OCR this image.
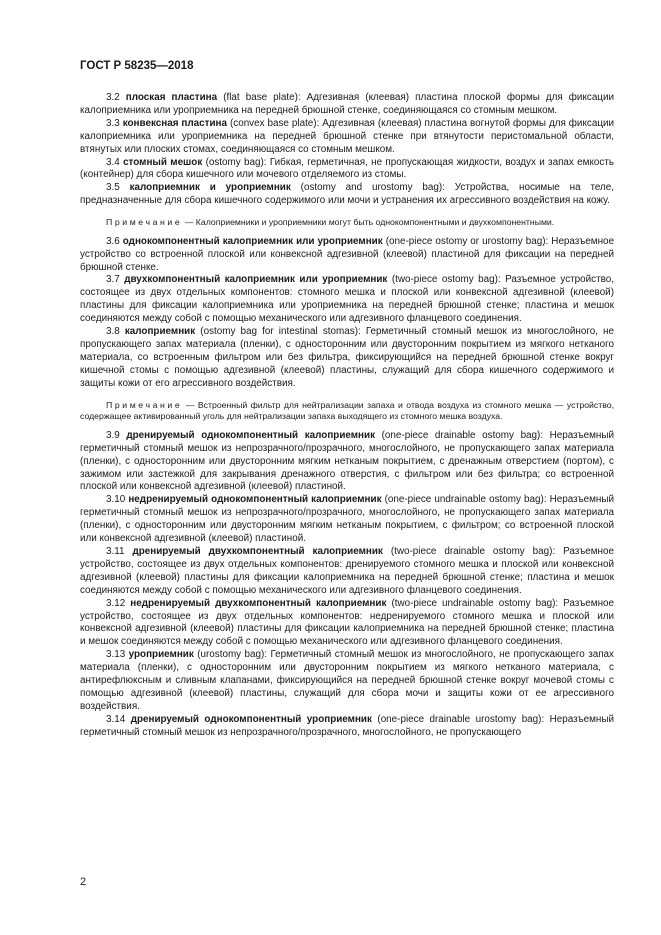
ГОСТ Р 58235—2018

3.2 плоская пластина (flat base plate): Адгезивная (клеевая) пластина плоской формы для фиксации калоприемника или уроприемника на передней брюшной стенке, соединяющаяся со стомным мешком.

3.3 конвексная пластина (convex base plate): Адгезивная (клеевая) пластина вогнутой формы для фиксации калоприемника или уроприемника на передней брюшной стенке при втянутости перистомальной области, втянутых или плоских стомах, соединяющаяся со стомным мешком.

3.4 стомный мешок (ostomy bag): Гибкая, герметичная, не пропускающая жидкости, воздух и запах емкость (контейнер) для сбора кишечного или мочевого отделяемого из стомы.

3.5 калоприемник и уроприемник (ostomy and urostomy bag): Устройства, носимые на теле, предназначенные для сбора кишечного содержимого или мочи и устранения их агрессивного воздействия на кожу.

Примечание — Калоприемники и уроприемники могут быть однокомпонентными и двухкомпонентными.

3.6 однокомпонентный калоприемник или уроприемник (one-piece ostomy or urostomy bag): Неразъемное устройство со встроенной плоской или конвексной адгезивной (клеевой) пластиной для фиксации на передней брюшной стенке.

3.7 двухкомпонентный калоприемник или уроприемник (two-piece ostomy bag): Разъемное устройство, состоящее из двух отдельных компонентов: стомного мешка и плоской или конвексной адгезивной (клеевой) пластины для фиксации калоприемника или уроприемника на передней брюшной стенке; пластина и мешок соединяются между собой с помощью механического или адгезивного фланцевого соединения.

3.8 калоприемник (ostomy bag for intestinal stomas): Герметичный стомный мешок из многослойного, не пропускающего запах материала (пленки), с односторонним или двусторонним покрытием из мягкого нетканого материала, со встроенным фильтром или без фильтра, фиксирующийся на передней брюшной стенке вокруг кишечной стомы с помощью адгезивной (клеевой) пластины, служащий для сбора кишечного содержимого и защиты кожи от его агрессивного воздействия.

Примечание — Встроенный фильтр для нейтрализации запаха и отвода воздуха из стомного мешка — устройство, содержащее активированный уголь для нейтрализации запаха выходящего из стомного мешка воздуха.

3.9 дренируемый однокомпонентный калоприемник (one-piece drainable ostomy bag): Неразъемный герметичный стомный мешок из непрозрачного/прозрачного, многослойного, не пропускающего запах материала (пленки), с односторонним или двусторонним мягким нетканым покрытием, с дренажным отверстием (портом), с зажимом или застежкой для закрывания дренажного отверстия, с фильтром или без фильтра; со встроенной плоской или конвексной адгезивной (клеевой) пластиной.

3.10 недренируемый однокомпонентный калоприемник (one-piece undrainable ostomy bag): Неразъемный герметичный стомный мешок из непрозрачного/прозрачного, многослойного, не пропускающего запах материала (пленки), с односторонним или двусторонним мягким нетканым покрытием, с фильтром; со встроенной плоской или конвексной адгезивной (клеевой) пластиной.

3.11 дренируемый двухкомпонентный калоприемник (two-piece drainable ostomy bag): Разъемное устройство, состоящее из двух отдельных компонентов: дренируемого стомного мешка и плоской или конвексной адгезивной (клеевой) пластины для фиксации калоприемника на передней брюшной стенке; пластина и мешок соединяются между собой с помощью механического или адгезивного фланцевого соединения.

3.12 недренируемый двухкомпонентный калоприемник (two-piece undrainable ostomy bag): Разъемное устройство, состоящее из двух отдельных компонентов: недренируемого стомного мешка и плоской или конвексной адгезивной (клеевой) пластины для фиксации калоприемника на передней брюшной стенке; пластина и мешок соединяются между собой с помощью механического или адгезивного фланцевого соединения.

3.13 уроприемник (urostomy bag): Герметичный стомный мешок из многослойного, не пропускающего запах материала (пленки), с односторонним или двусторонним покрытием из мягкого нетканого материала, с антирефлюксным и сливным клапанами, фиксирующийся на передней брюшной стенке вокруг мочевой стомы с помощью адгезивной (клеевой) пластины, служащий для сбора мочи и защиты кожи от ее агрессивного воздействия.

3.14 дренируемый однокомпонентный уроприемник (one-piece drainable urostomy bag): Неразъемный герметичный стомный мешок из непрозрачного/прозрачного, многослойного, не пропускающего

2
